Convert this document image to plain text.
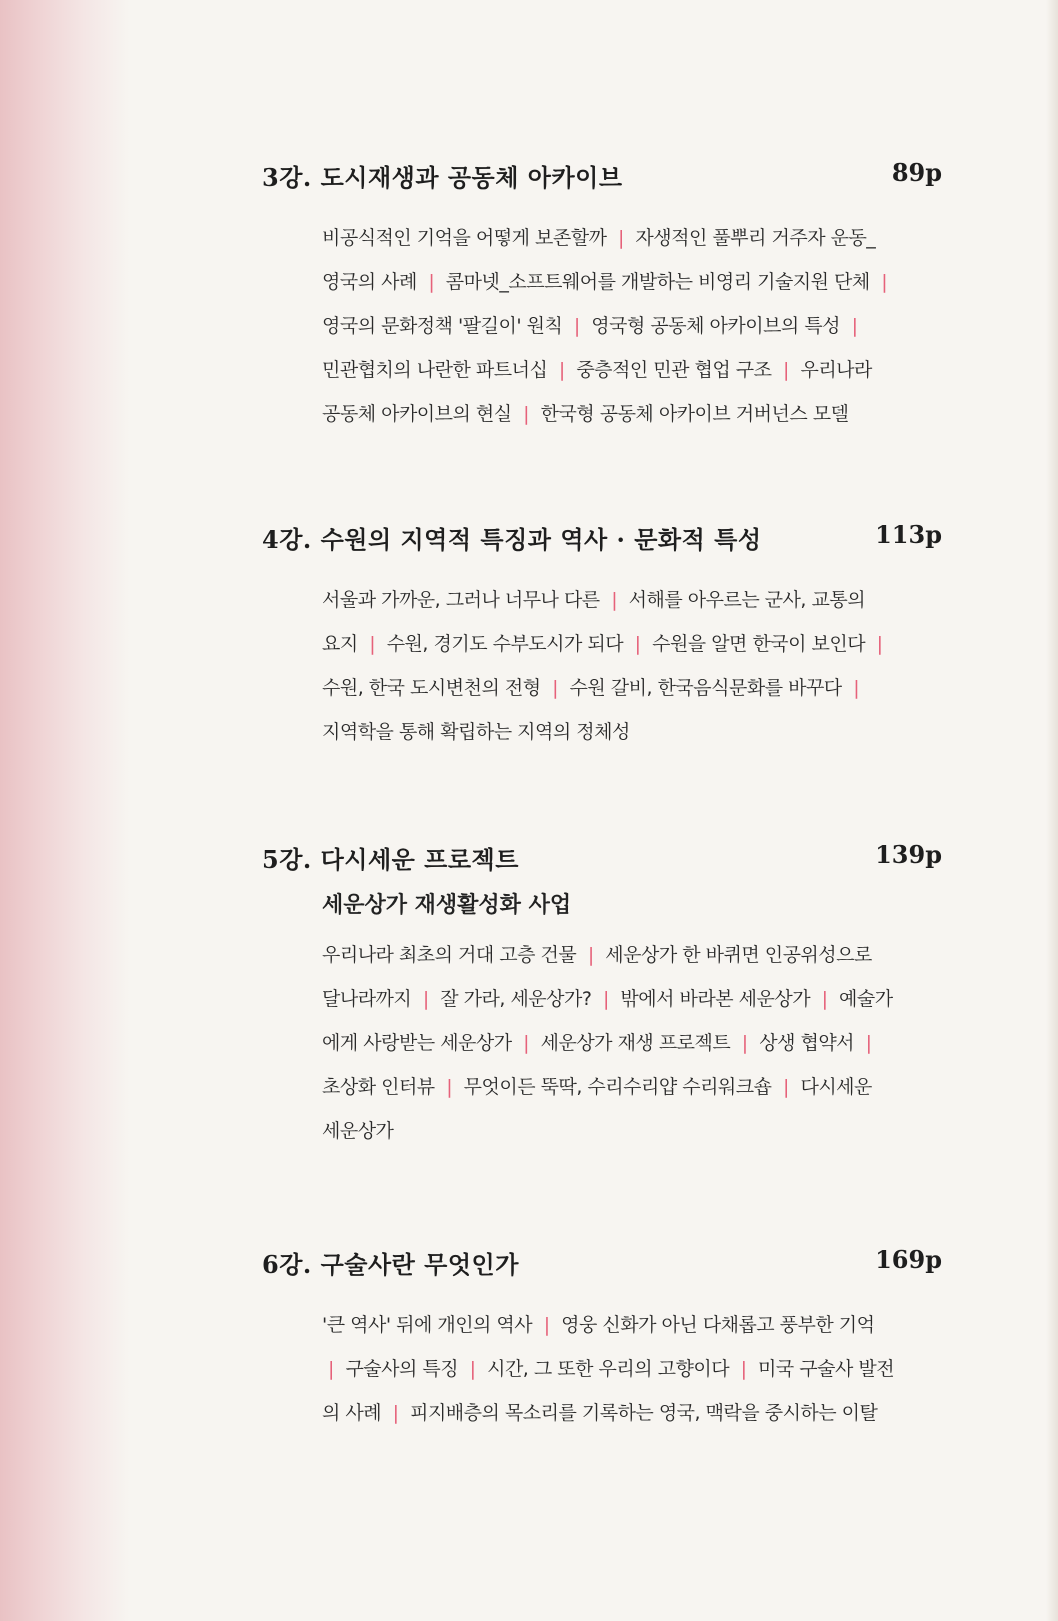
3강. 도시재생과 공동체 아카이브	89p
비공식적인 기억을 어떻게 보존할까 | 자생적인 풀뿌리 거주자 운동_
영국의 사례 | 콤마넷_소프트웨어를 개발하는 비영리 기술지원 단체 |
영국의 문화정책 '팔길이' 원칙 | 영국형 공동체 아카이브의 특성 |
민관협치의 나란한 파트너십 | 중층적인 민관 협업 구조 | 우리나라
공동체 아카이브의 현실 | 한국형 공동체 아카이브 거버넌스 모델
4강. 수원의 지역적 특징과 역사 · 문화적 특성	113p
서울과 가까운, 그러나 너무나 다른 | 서해를 아우르는 군사, 교통의
요지 | 수원, 경기도 수부도시가 되다 | 수원을 알면 한국이 보인다 |
수원, 한국 도시변천의 전형 | 수원 갈비, 한국음식문화를 바꾸다 |
지역학을 통해 확립하는 지역의 정체성
5강. 다시세운 프로젝트	139p
세운상가 재생활성화 사업
우리나라 최초의 거대 고층 건물 | 세운상가 한 바퀴면 인공위성으로
달나라까지 | 잘 가라, 세운상가? | 밖에서 바라본 세운상가 | 예술가
에게 사랑받는 세운상가 | 세운상가 재생 프로젝트 | 상생 협약서 |
초상화 인터뷰 | 무엇이든 뚝딱, 수리수리얍 수리워크숍 | 다시세운
세운상가
6강. 구술사란 무엇인가	169p
'큰 역사' 뒤에 개인의 역사 | 영웅 신화가 아닌 다채롭고 풍부한 기억
| 구술사의 특징 | 시간, 그 또한 우리의 고향이다 | 미국 구술사 발전
의 사례 | 피지배층의 목소리를 기록하는 영국, 맥락을 중시하는 이탈
